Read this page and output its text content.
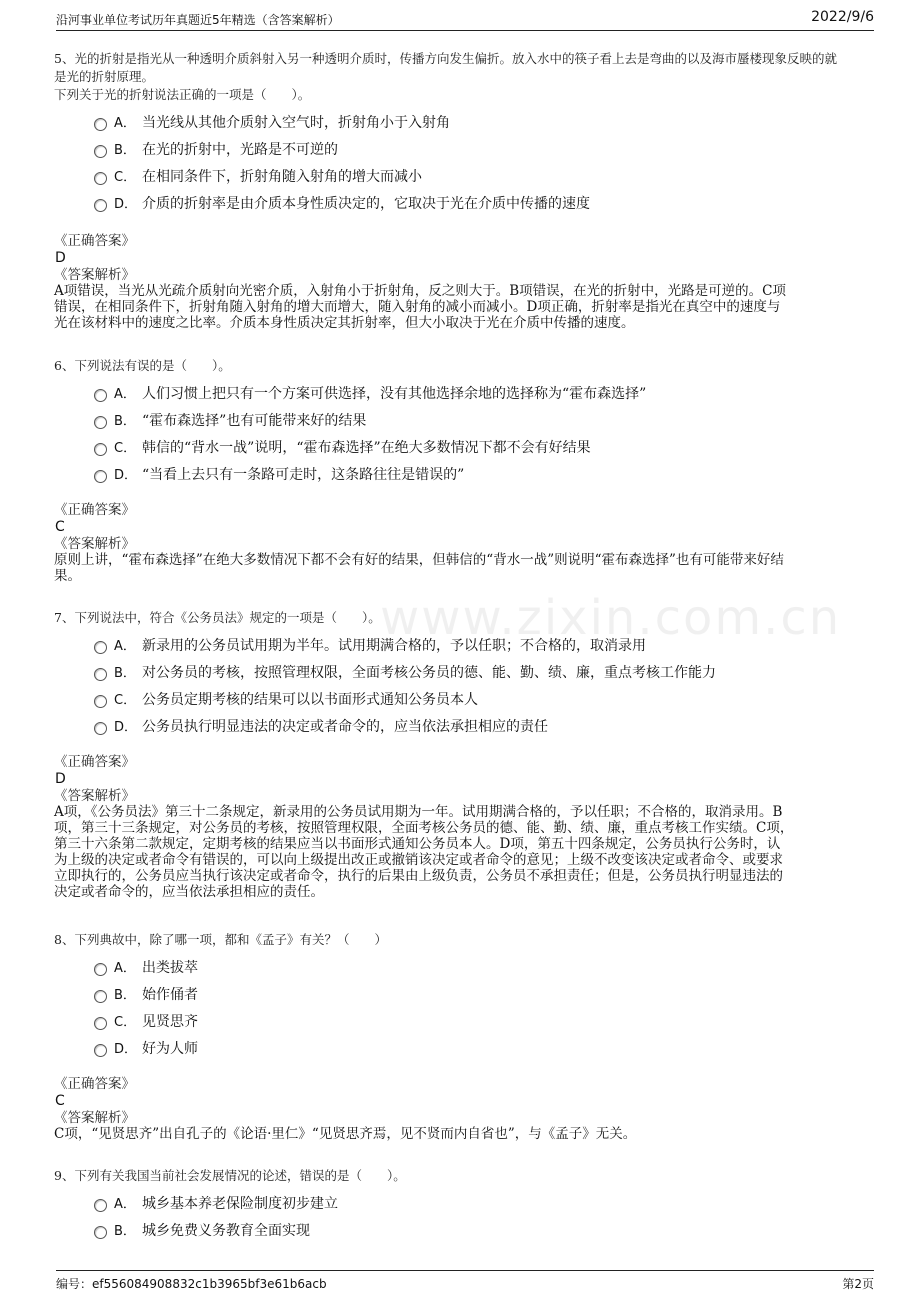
沿河事业单位考试历年真题近5年精选（含答案解析）	2022/9/6
www.zixin.com.cn

5、光的折射是指光从一种透明介质斜射入另一种透明介质时，传播方向发生偏折。放入水中的筷子看上去是弯曲的以及海市蜃楼现象反映的就

是光的折射原理。

下列关于光的折射说法正确的一项是（　　）。

A． 当光线从其他介质射入空气时，折射角小于入射角
B． 在光的折射中，光路是不可逆的
C． 在相同条件下，折射角随入射角的增大而减小
D． 介质的折射率是由介质本身性质决定的，它取决于光在介质中传播的速度
《正确答案》
D
《答案解析》
A项错误，当光从光疏介质射向光密介质，入射角小于折射角，反之则大于。B项错误，在光的折射中，光路是可逆的。C项
错误，在相同条件下，折射角随入射角的增大而增大，随入射角的减小而减小。D项正确，折射率是指光在真空中的速度与
光在该材料中的速度之比率。介质本身性质决定其折射率，但大小取决于光在介质中传播的速度。

6、下列说法有误的是（　　）。

A． 人们习惯上把只有一个方案可供选择，没有其他选择余地的选择称为“霍布森选择”
B． “霍布森选择”也有可能带来好的结果
C． 韩信的“背水一战”说明，“霍布森选择”在绝大多数情况下都不会有好结果
D． “当看上去只有一条路可走时，这条路往往是错误的”
《正确答案》
C
《答案解析》
原则上讲，“霍布森选择”在绝大多数情况下都不会有好的结果，但韩信的“背水一战”则说明“霍布森选择”也有可能带来好结
果。

7、下列说法中，符合《公务员法》规定的一项是（　　）。

A． 新录用的公务员试用期为半年。试用期满合格的，予以任职；不合格的，取消录用
B． 对公务员的考核，按照管理权限，全面考核公务员的德、能、勤、绩、廉，重点考核工作能力
C． 公务员定期考核的结果可以以书面形式通知公务员本人
D． 公务员执行明显违法的决定或者命令的，应当依法承担相应的责任
《正确答案》
D
《答案解析》
A项，《公务员法》第三十二条规定，新录用的公务员试用期为一年。试用期满合格的，予以任职；不合格的，取消录用。B
项，第三十三条规定，对公务员的考核，按照管理权限，全面考核公务员的德、能、勤、绩、廉，重点考核工作实绩。C项，
第三十六条第二款规定，定期考核的结果应当以书面形式通知公务员本人。D项，第五十四条规定，公务员执行公务时，认
为上级的决定或者命令有错误的，可以向上级提出改正或撤销该决定或者命令的意见；上级不改变该决定或者命令、或要求
立即执行的，公务员应当执行该决定或者命令，执行的后果由上级负责，公务员不承担责任；但是，公务员执行明显违法的
决定或者命令的，应当依法承担相应的责任。

8、下列典故中，除了哪一项，都和《孟子》有关？（　　）

A． 出类拔萃
B． 始作俑者
C． 见贤思齐
D． 好为人师
《正确答案》
C
《答案解析》
C项，“见贤思齐”出自孔子的《论语·里仁》“见贤思齐焉，见不贤而内自省也”，与《孟子》无关。

9、下列有关我国当前社会发展情况的论述，错误的是（　　）。

A． 城乡基本养老保险制度初步建立
B． 城乡免费义务教育全面实现
编号：ef556084908832c1b3965bf3e61b6acb	第2页
